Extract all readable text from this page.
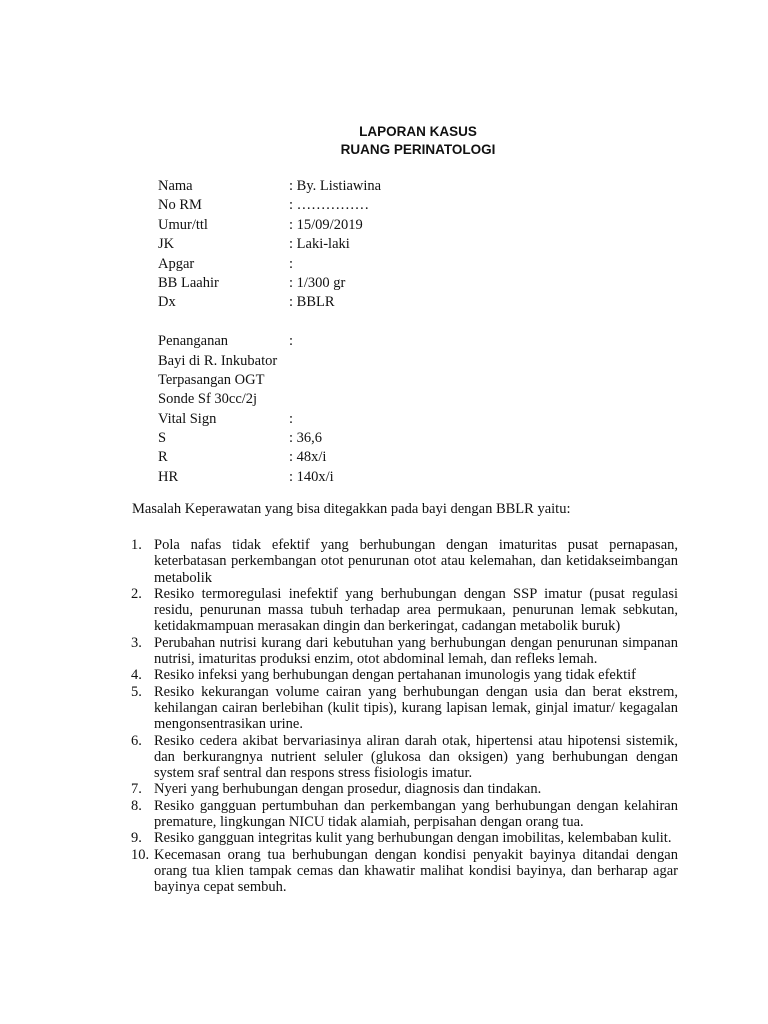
LAPORAN KASUS
RUANG PERINATOLOGI
Nama	: By. Listiawina
No RM	: ……………
Umur/ttl	: 15/09/2019
JK	: Laki-laki
Apgar	:
BB Laahir	: 1/300 gr
Dx	: BBLR
Penanganan	:
Bayi di R. Inkubator
Terpasangan OGT
Sonde Sf 30cc/2j
Vital Sign	:
S	: 36,6
R	: 48x/i
HR	: 140x/i

Masalah Keperawatan yang bisa ditegakkan pada bayi dengan BBLR yaitu:

1. Pola nafas tidak efektif yang berhubungan dengan imaturitas pusat pernapasan, keterbatasan perkembangan otot penurunan otot atau kelemahan, dan ketidakseimbangan metabolik
2. Resiko termoregulasi inefektif yang berhubungan dengan SSP imatur (pusat regulasi residu, penurunan massa tubuh terhadap area permukaan, penurunan lemak sebkutan, ketidakmampuan merasakan dingin dan berkeringat, cadangan metabolik buruk)
3. Perubahan nutrisi kurang dari kebutuhan yang berhubungan dengan penurunan simpanan nutrisi, imaturitas produksi enzim, otot abdominal lemah, dan refleks lemah.
4. Resiko infeksi yang berhubungan dengan pertahanan imunologis yang tidak efektif
5. Resiko kekurangan volume cairan yang berhubungan dengan usia dan berat ekstrem, kehilangan cairan berlebihan (kulit tipis), kurang lapisan lemak, ginjal imatur/ kegagalan mengonsentrasikan urine.
6. Resiko cedera akibat bervariasinya aliran darah otak, hipertensi atau hipotensi sistemik, dan berkurangnya nutrient seluler (glukosa dan oksigen) yang berhubungan dengan system sraf sentral dan respons stress fisiologis imatur.
7. Nyeri yang berhubungan dengan prosedur, diagnosis dan tindakan.
8. Resiko gangguan pertumbuhan dan perkembangan yang berhubungan dengan kelahiran premature, lingkungan NICU tidak alamiah, perpisahan dengan orang tua.
9. Resiko gangguan integritas kulit yang berhubungan dengan imobilitas, kelembaban kulit.
10. Kecemasan orang tua berhubungan dengan kondisi penyakit bayinya ditandai dengan orang tua klien tampak cemas dan khawatir malihat kondisi bayinya, dan berharap agar bayinya cepat sembuh.
